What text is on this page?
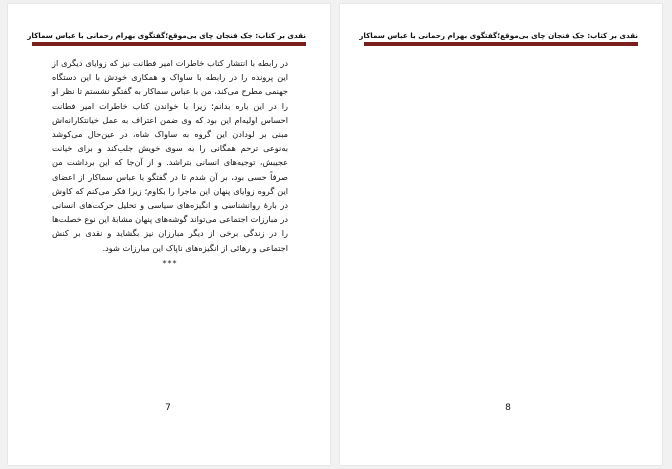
نقدی بر کتاب: جک فنجان چای بی‌موقع؛
گفتگوی بهرام رحمانی با عباس سماکار

در رابطه با انتشار کتاب خاطرات امیر فطانت نیز که زوایای دیگری از این پرونده را در رابطه با ساواک و همکاری خودش با این دستگاه جهنمی مطرح می‌کند، من با عباس سماکار به گفتگو نشستم تا نظر او را در این باره بدانم؛ زیرا با خواندن کتاب خاطرات امیر فطانت احساس اولیه‌ام این بود که وی ضمن اعتراف به عمل خیانتکارانه‌اش مبنی بر لودادن این گروه به ساواک شاه، در عین‌حال می‌کوشد به‌نوعی ترحم همگانی را به سوی خویش جلب‌کند و برای خیانت عجیبش، توجیه‌های انسانی بتراشد. و از آن‌جا که این برداشت من صرفاً حسی بود، بر آن شدم تا در گفتگو با عباس سماکار از اعضای این گروه زوایای پنهان این ماجرا را بکاوم؛ زیرا فکر می‌کنم که کاوش در بارهٔ روانشناسی و انگیزه‌های سیاسی و تحلیل حرکت‌های انسانی در مبارزات اجتماعی می‌تواند گوشه‌های پنهان مشابهٔ این نوع خصلت‌ها را در زندگی برخی از دیگر مبارزان نیز بگشاید و نقدی بر کنش اجتماعی و رهائی از انگیزه‌های ناپاک این مبارزات شود.

***
7
نقدی بر کتاب: جک فنجان چای بی‌موقع؛
گفتگوی بهرام رحمانی با عباس سماکار
8
